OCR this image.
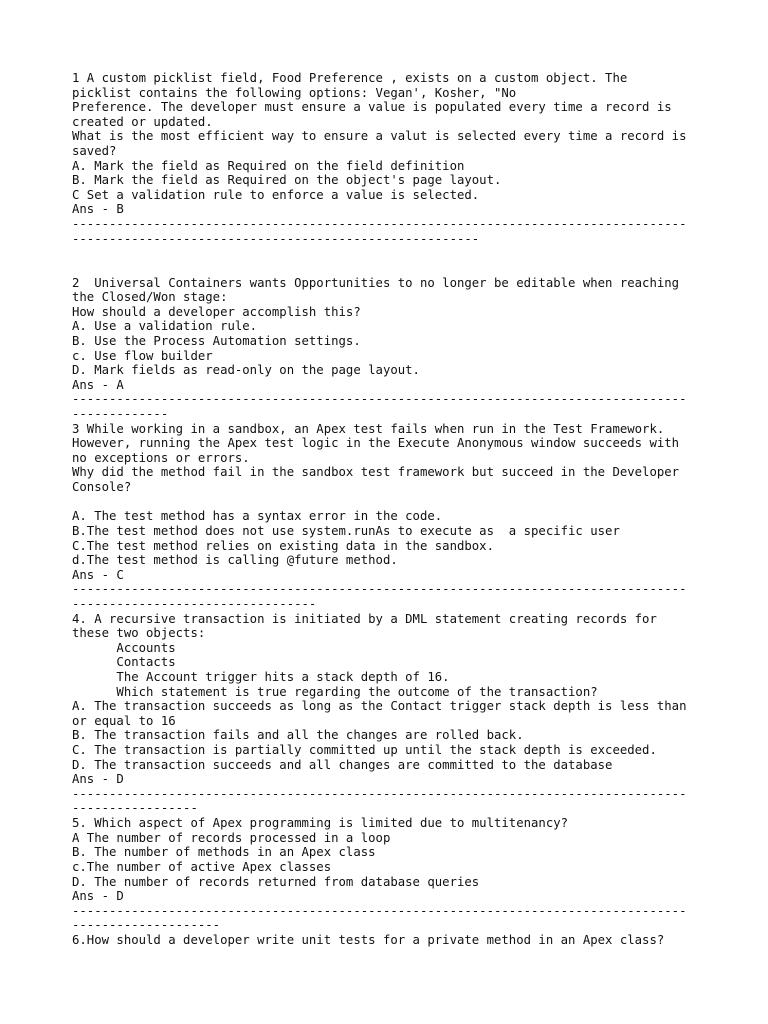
1 A custom picklist field, Food Preference , exists on a custom object. The
picklist contains the following options: Vegan', Kosher, "No
Preference. The developer must ensure a value is populated every time a record is
created or updated.
What is the most efficient way to ensure a valut is selected every time a record is
saved?
A. Mark the field as Required on the field definition
B. Mark the field as Required on the object's page layout.
C Set a validation rule to enforce a value is selected.
Ans - B
-----------------------------------------------------------------------------------
-------------------------------------------------------
2  Universal Containers wants Opportunities to no longer be editable when reaching
the Closed/Won stage:
How should a developer accomplish this?
A. Use a validation rule.
B. Use the Process Automation settings.
c. Use flow builder
D. Mark fields as read-only on the page layout.
Ans - A
-----------------------------------------------------------------------------------
-------------
3 While working in a sandbox, an Apex test fails when run in the Test Framework.
However, running the Apex test logic in the Execute Anonymous window succeeds with
no exceptions or errors.
Why did the method fail in the sandbox test framework but succeed in the Developer
Console?
A. The test method has a syntax error in the code.
B.The test method does not use system.runAs to execute as  a specific user
C.The test method relies on existing data in the sandbox.
d.The test method is calling @future method.
Ans - C
-----------------------------------------------------------------------------------
---------------------------------
4. A recursive transaction is initiated by a DML statement creating records for
these two objects:
Accounts
Contacts
The Account trigger hits a stack depth of 16.
Which statement is true regarding the outcome of the transaction?
A. The transaction succeeds as long as the Contact trigger stack depth is less than
or equal to 16
B. The transaction fails and all the changes are rolled back.
C. The transaction is partially committed up until the stack depth is exceeded.
D. The transaction succeeds and all changes are committed to the database
Ans - D
-----------------------------------------------------------------------------------
-----------------
5. Which aspect of Apex programming is limited due to multitenancy?
A The number of records processed in a loop
B. The number of methods in an Apex class
c.The number of active Apex classes
D. The number of records returned from database queries
Ans - D
-----------------------------------------------------------------------------------
--------------------
6.How should a developer write unit tests for a private method in an Apex class?
